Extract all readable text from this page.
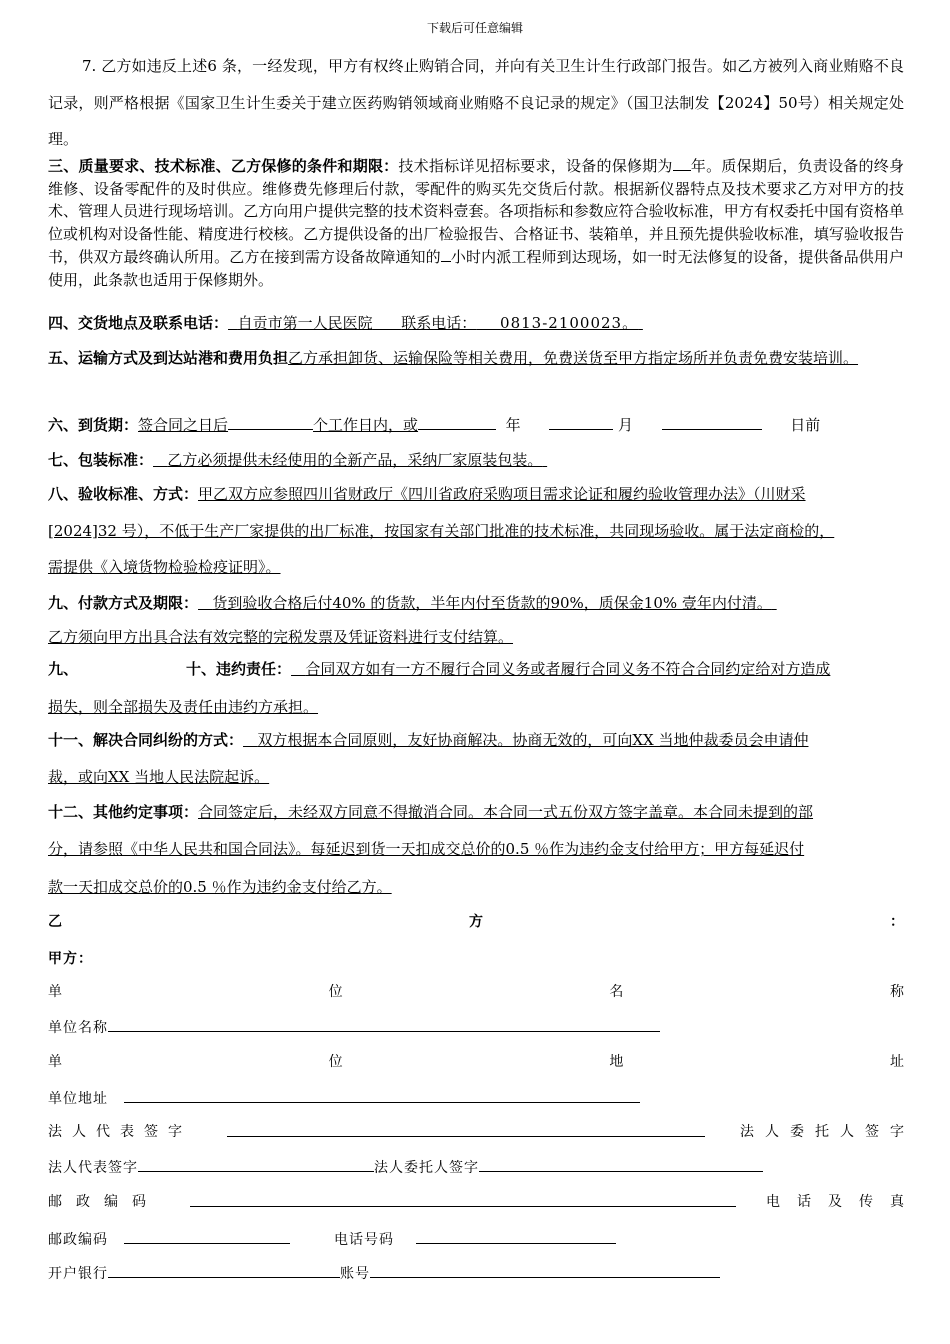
下载后可任意编辑

7. 乙方如违反上述6 条，一经发现，甲方有权终止购销合同，并向有关卫生计生行政部门报告。如乙方被列入商业贿赂不良记录，则严格根据《国家卫生计生委关于建立医药购销领域商业贿赂不良记录的规定》（国卫法制发【2024】50号）相关规定处理。

三、质量要求、技术标准、乙方保修的条件和期限：技术指标详见招标要求，设备的保修期为 年。质保期后，负责设备的终身维修、设备零配件的及时供应。维修费先修理后付款，零配件的购买先交货后付款。根据新仪器特点及技术要求乙方对甲方的技术、管理人员进行现场培训。乙方向用户提供完整的技术资料壹套。各项指标和参数应符合验收标准，甲方有权委托中国有资格单位或机构对设备性能、精度进行校核。乙方提供设备的出厂检验报告、合格证书、装箱单，并且预先提供验收标准，填写验收报告书，供双方最终确认所用。乙方在接到需方设备故障通知的 小时内派工程师到达现场，如一时无法修复的设备，提供备品供用户使用，此条款也适用于保修期外。

四、交货地点及联系电话： 自贡市第一人民医院 联系电话： 0813-2100023。

五、运输方式及到达站港和费用负担乙方承担卸货、运输保险等相关费用，免费送货至甲方指定场所并负责免费安装培训。

六、到货期：签合同之日后	个工作日内，或	年	月	日前
七、包装标准： 乙方必须提供未经使用的全新产品，采纳厂家原装包装。
八、验收标准、方式：甲乙双方应参照四川省财政厅《四川省政府采购项目需求论证和履约验收管理办法》（川财采
[2024]32 号），不低于生产厂家提供的出厂标准，按国家有关部门批准的技术标准，共同现场验收。属于法定商检的，
需提供《入境货物检验检疫证明》。
九、付款方式及期限： 货到验收合格后付40% 的货款，半年内付至货款的90%，质保金10% 壹年内付清。
乙方须向甲方出具合法有效完整的完税发票及凭证资料进行支付结算。
九、	十、违约责任： 合同双方如有一方不履行合同义务或者履行合同义务不符合合同约定给对方造成
损失，则全部损失及责任由违约方承担。
十一、解决合同纠纷的方式： 双方根据本合同原则，友好协商解决。协商无效的，可向XX 当地仲裁委员会申请仲
裁，或向XX 当地人民法院起诉。
十二、其他约定事项：合同签定后，未经双方同意不得撤消合同。本合同一式五份双方签字盖章。本合同未提到的部
分，请参照《中华人民共和国合同法》。每延迟到货一天扣成交总价的0.5 ％作为违约金支付给甲方；甲方每延迟付
款一天扣成交总价的0.5 ％作为违约金支付给乙方。
乙	方	：
甲方：
单	位	名	称
单位名称
单	位	地	址
单位地址
法人代表签字	法人委托人签字
法人代表签字	法人委托人签字
邮政编码	电话及传真
邮政编码	电话号码
开户银行	账号
